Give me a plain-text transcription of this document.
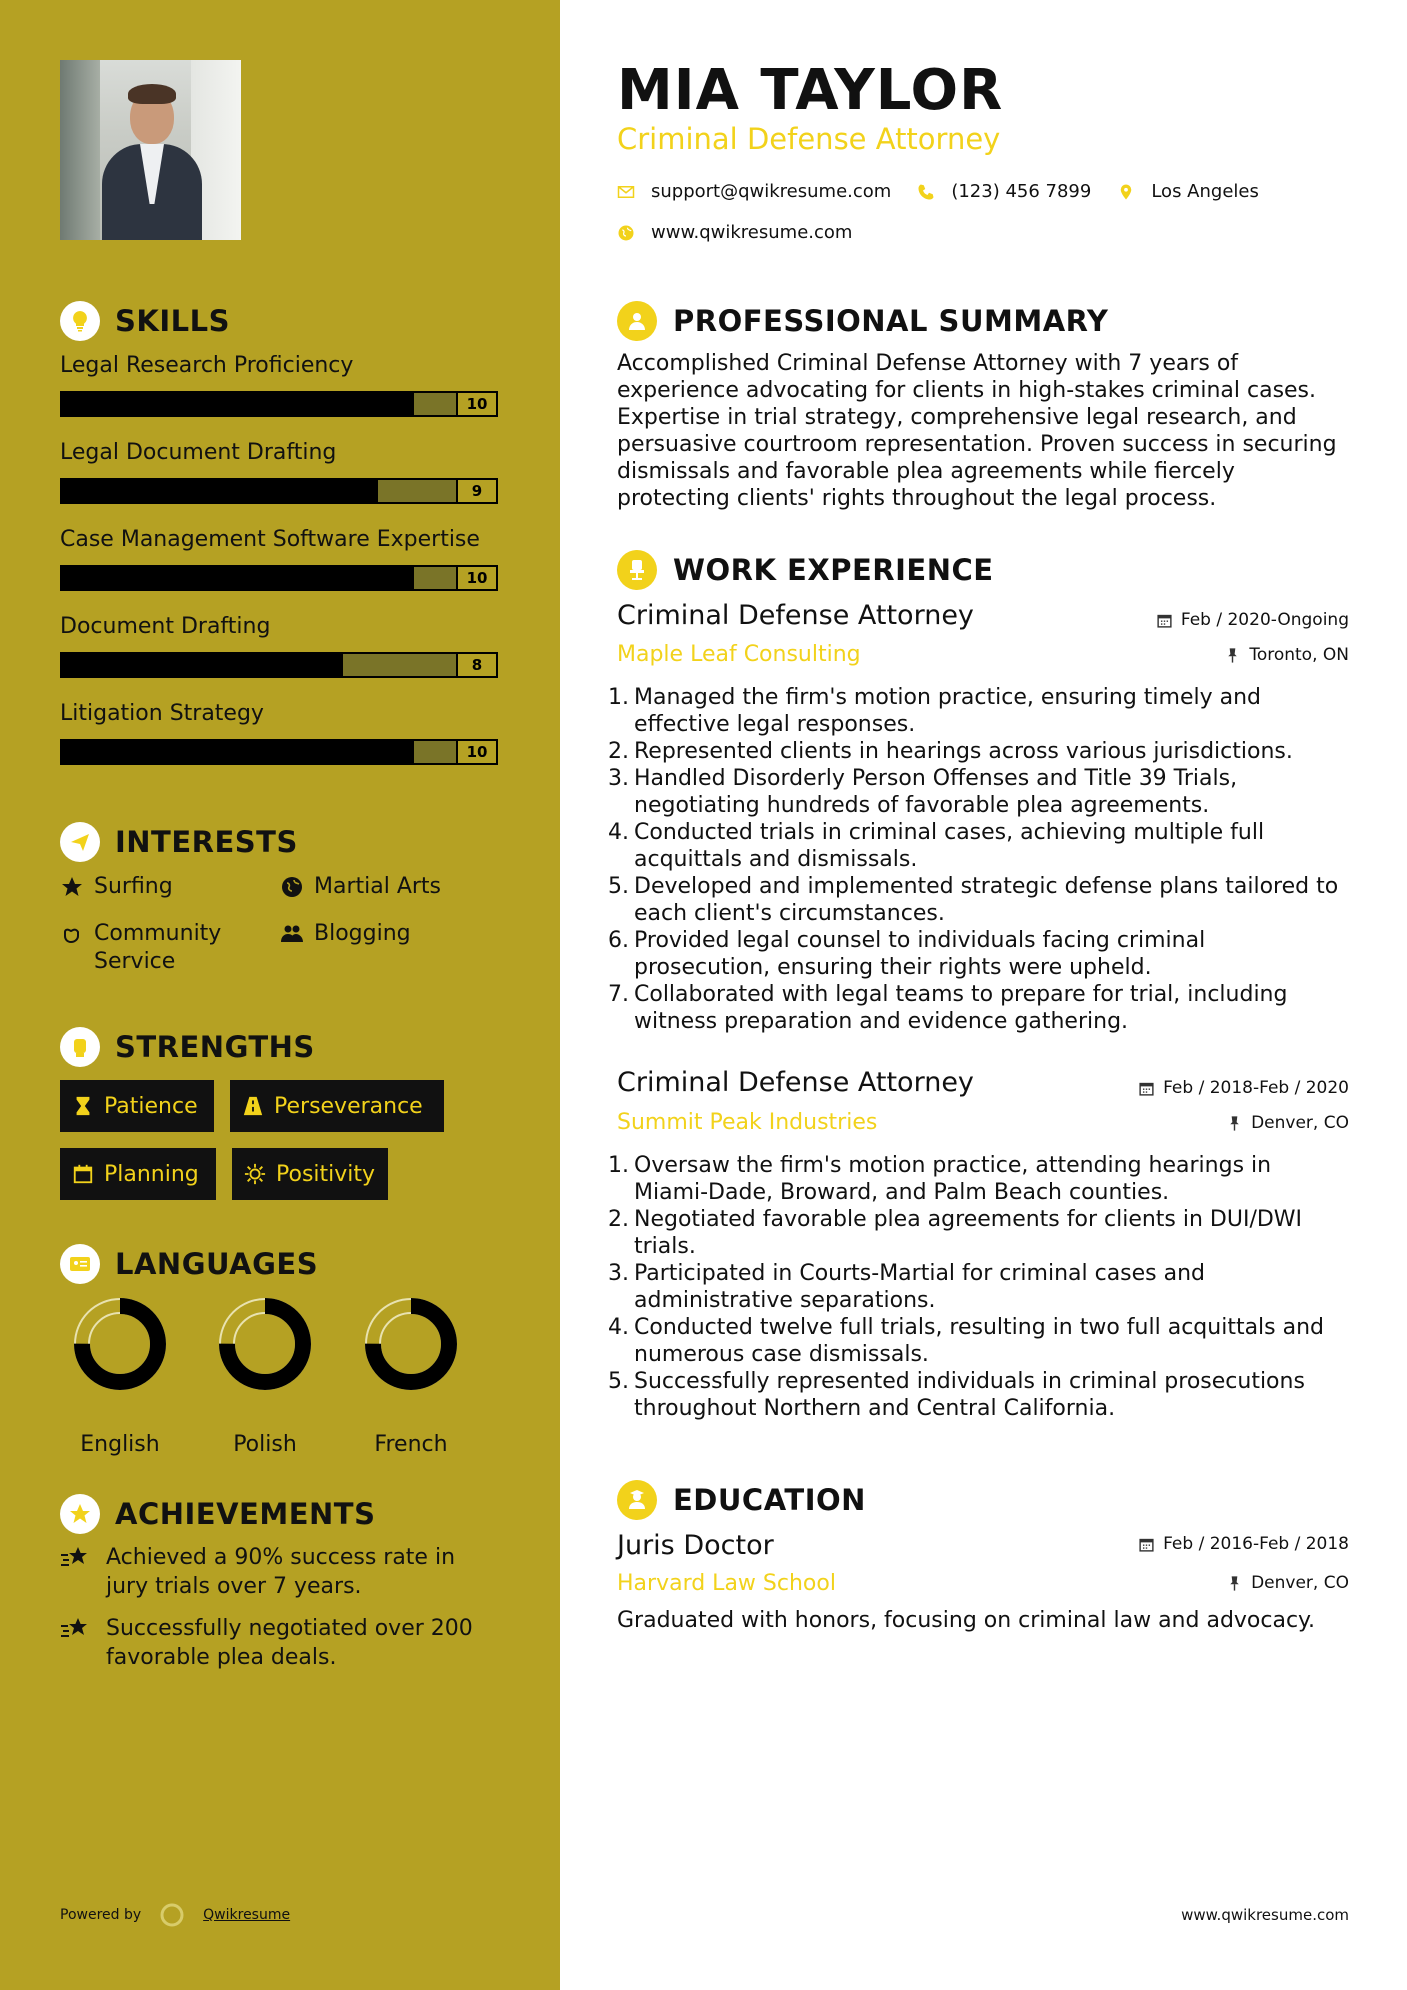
SKILLS
Legal Research Proficiency
10
Legal Document Drafting
9
Case Management Software Expertise
10
Document Drafting
8
Litigation Strategy
10
INTERESTS
Surfing	Martial Arts
Community Service
Blogging
STRENGTHS
Patience	Perseverance
Planning	Positivity
LANGUAGES
English	Polish	French
ACHIEVEMENTS
Achieved a 90% success rate in jury trials over 7 years.
Successfully negotiated over 200 favorable plea deals.
Powered by	Qwikresume
MIA TAYLOR
Criminal Defense Attorney
support@qwikresume.com	(123) 456 7899	Los Angeles
www.qwikresume.com
PROFESSIONAL SUMMARY
Accomplished Criminal Defense Attorney with 7 years of experience advocating for clients in high-stakes criminal cases. Expertise in trial strategy, comprehensive legal research, and persuasive courtroom representation. Proven success in securing dismissals and favorable plea agreements while fiercely protecting clients' rights throughout the legal process.
WORK EXPERIENCE
Criminal Defense Attorney	Feb / 2020-Ongoing
Maple Leaf Consulting	Toronto, ON
1. Managed the firm's motion practice, ensuring timely and effective legal responses.
2. Represented clients in hearings across various jurisdictions.
3. Handled Disorderly Person Offenses and Title 39 Trials, negotiating hundreds of favorable plea agreements.
4. Conducted trials in criminal cases, achieving multiple full acquittals and dismissals.
5. Developed and implemented strategic defense plans tailored to each client's circumstances.
6. Provided legal counsel to individuals facing criminal prosecution, ensuring their rights were upheld.
7. Collaborated with legal teams to prepare for trial, including witness preparation and evidence gathering.
Criminal Defense Attorney	Feb / 2018-Feb / 2020
Summit Peak Industries	Denver, CO
1. Oversaw the firm's motion practice, attending hearings in Miami-Dade, Broward, and Palm Beach counties.
2. Negotiated favorable plea agreements for clients in DUI/DWI trials.
3. Participated in Courts-Martial for criminal cases and administrative separations.
4. Conducted twelve full trials, resulting in two full acquittals and numerous case dismissals.
5. Successfully represented individuals in criminal prosecutions throughout Northern and Central California.
EDUCATION
Juris Doctor	Feb / 2016-Feb / 2018
Harvard Law School	Denver, CO
Graduated with honors, focusing on criminal law and advocacy.
www.qwikresume.com
